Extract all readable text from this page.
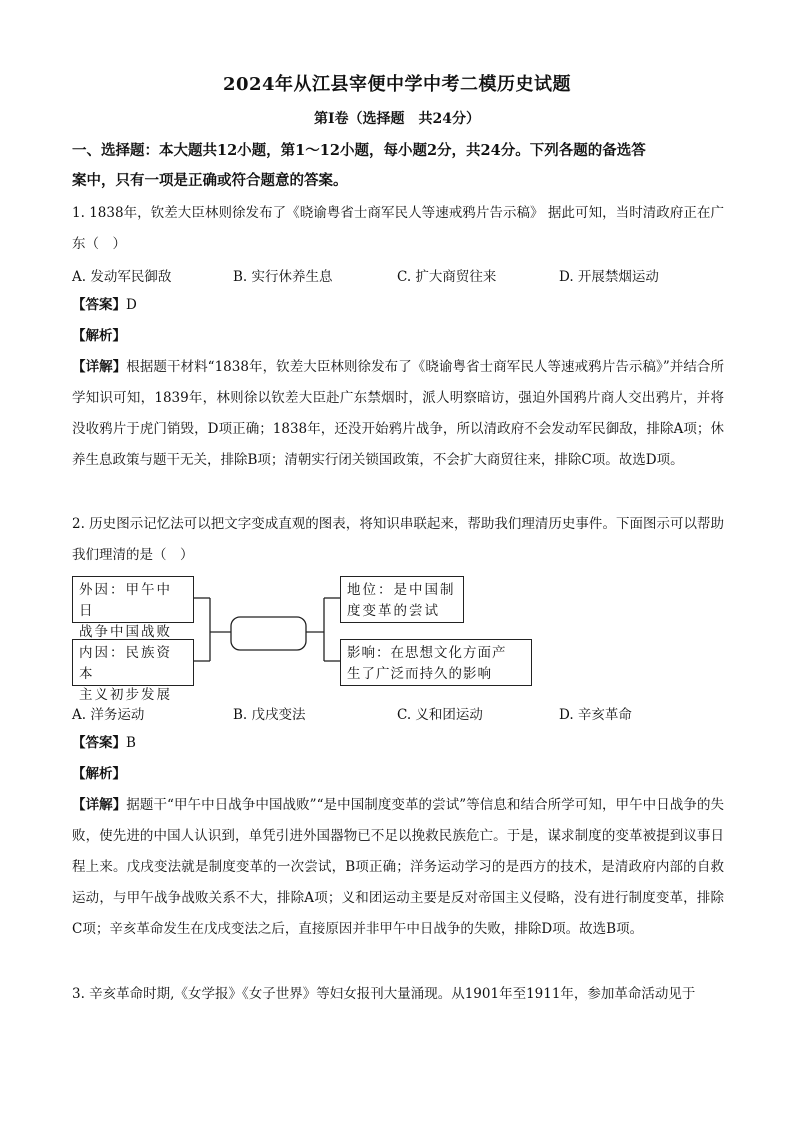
2024年从江县宰便中学中考二模历史试题
第Ⅰ卷（选择题　共24分）
一、选择题：本大题共12小题，第1～12小题，每小题2分，共24分。下列各题的备选答
案中，只有一项是正确或符合题意的答案。
1. 1838年，钦差大臣林则徐发布了《晓谕粤省士商军民人等速戒鸦片告示稿》 据此可知，当时清政府正在广东（　）
A. 发动军民御敌	B. 实行休养生息	C. 扩大商贸往来	D. 开展禁烟运动
【答案】D
【解析】
【详解】根据题干材料“1838年，钦差大臣林则徐发布了《晓谕粤省士商军民人等速戒鸦片告示稿》”并结合所学知识可知，1839年，林则徐以钦差大臣赴广东禁烟时，派人明察暗访，强迫外国鸦片商人交出鸦片，并将没收鸦片于虎门销毁，D项正确；1838年，还没开始鸦片战争，所以清政府不会发动军民御敌，排除A项；休养生息政策与题干无关，排除B项；清朝实行闭关锁国政策，不会扩大商贸往来，排除C项。故选D项。
2. 历史图示记忆法可以把文字变成直观的图表，将知识串联起来，帮助我们理清历史事件。下面图示可以帮助我们理清的是（　）
外因：甲午中日
战争中国战败
内因：民族资本
主义初步发展
地位：是中国制
度变革的尝试
影响：在思想文化方面产
生了广泛而持久的影响
A. 洋务运动	B. 戊戌变法	C. 义和团运动	D. 辛亥革命
【答案】B
【解析】
【详解】据题干“甲午中日战争中国战败”“是中国制度变革的尝试”等信息和结合所学可知，甲午中日战争的失败，使先进的中国人认识到，单凭引进外国器物已不足以挽救民族危亡。于是，谋求制度的变革被提到议事日程上来。戊戌变法就是制度变革的一次尝试，B项正确；洋务运动学习的是西方的技术，是清政府内部的自救运动，与甲午战争战败关系不大，排除A项；义和团运动主要是反对帝国主义侵略，没有进行制度变革，排除C项；辛亥革命发生在戊戌变法之后，直接原因并非甲午中日战争的失败，排除D项。故选B项。
3. 辛亥革命时期,《女学报》《女子世界》等妇女报刊大量涌现。从1901年至1911年，参加革命活动见于
